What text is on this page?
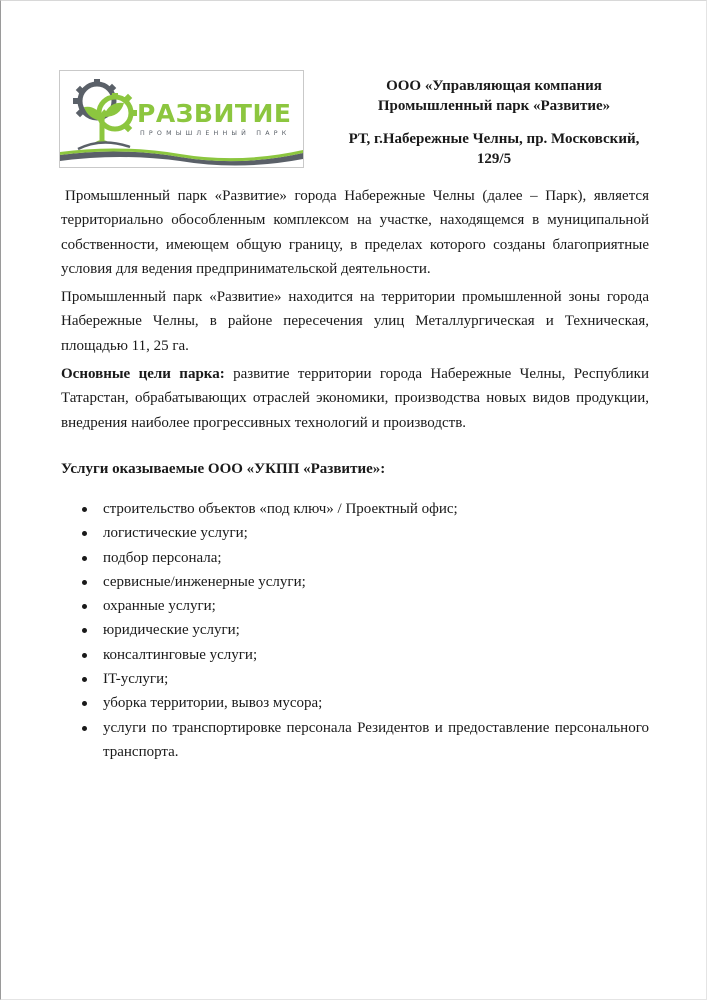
РАЗВИТИЕ
ПРОМЫШЛЕННЫЙ ПАРК
ООО «Управляющая компания
Промышленный парк «Развитие»
РТ, г.Набережные Челны, пр. Московский,
129/5

Промышленный парк «Развитие» города Набережные Челны (далее – Парк), является территориально обособленным комплексом на участке, находящемся в муниципальной собственности, имеющем общую границу, в пределах которого созданы благоприятные условия для ведения предпринимательской деятельности.

Промышленный парк «Развитие» находится на территории промышленной зоны города Набережные Челны, в районе пересечения улиц Металлургическая и Техническая, площадью 11, 25 га.

Основные цели парка: развитие территории города Набережные Челны, Республики Татарстан, обрабатывающих отраслей экономики, производства новых видов продукции, внедрения наиболее прогрессивных технологий и производств.

Услуги оказываемые ООО «УКПП «Развитие»:
строительство объектов «под ключ» / Проектный офис;
логистические услуги;
подбор персонала;
сервисные/инженерные услуги;
охранные услуги;
юридические услуги;
консалтинговые услуги;
IT-услуги;
уборка территории, вывоз мусора;
услуги по транспортировке персонала Резидентов и предоставление персонального транспорта.
